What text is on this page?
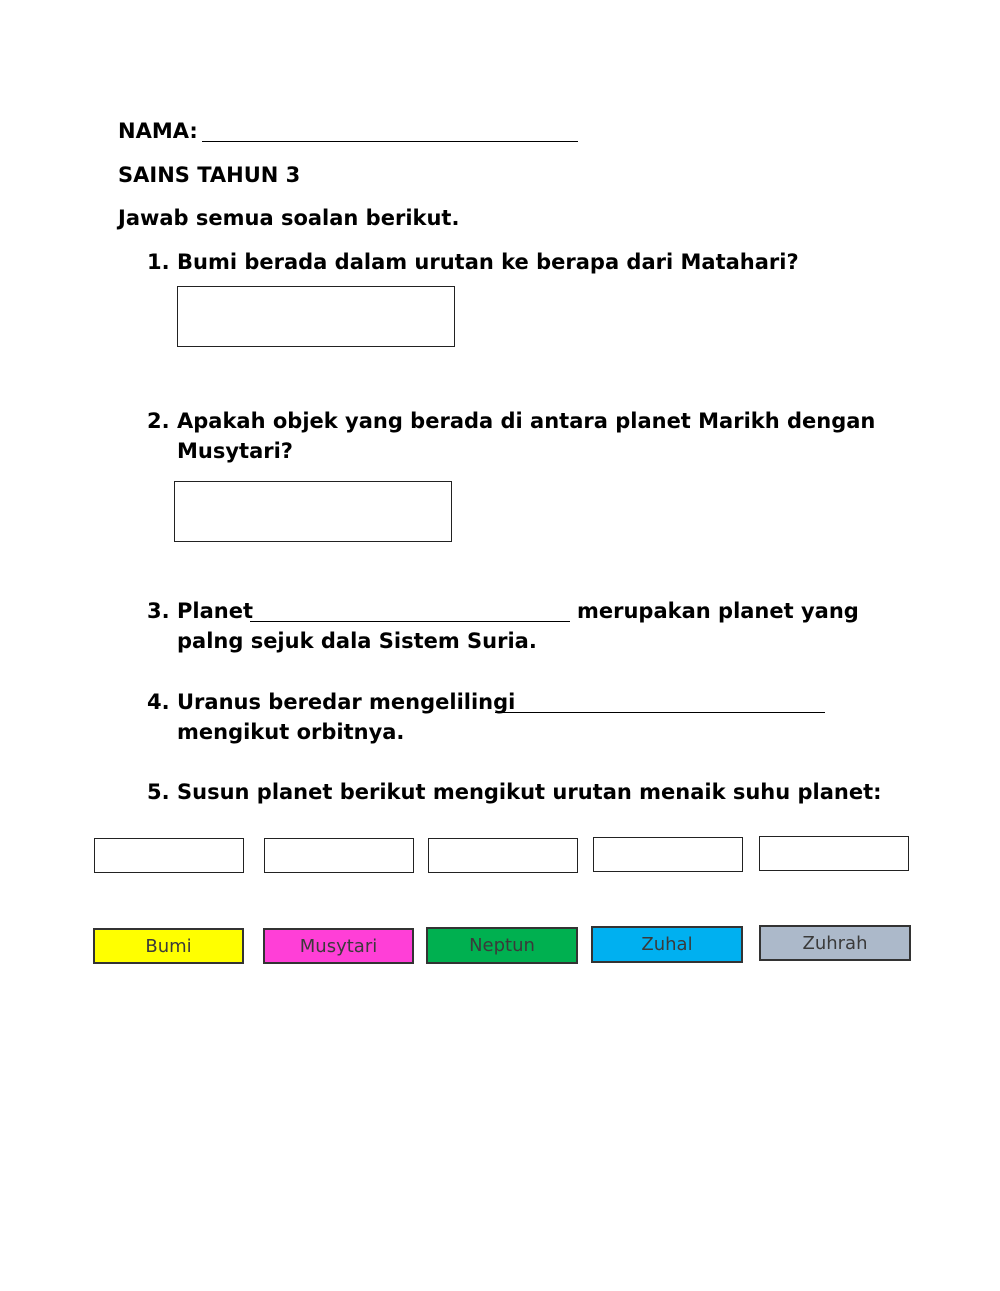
NAMA:
SAINS TAHUN 3
Jawab semua soalan berikut.
1. Bumi berada dalam urutan ke berapa dari Matahari?
2. Apakah objek yang berada di antara planet Marikh dengan
Musytari?
3. Planet	merupakan planet yang
palng sejuk dala Sistem Suria.
4. Uranus beredar mengelilingi
mengikut orbitnya.
5. Susun planet berikut mengikut urutan menaik suhu planet:
Bumi	Musytari	Neptun	Zuhal	Zuhrah
